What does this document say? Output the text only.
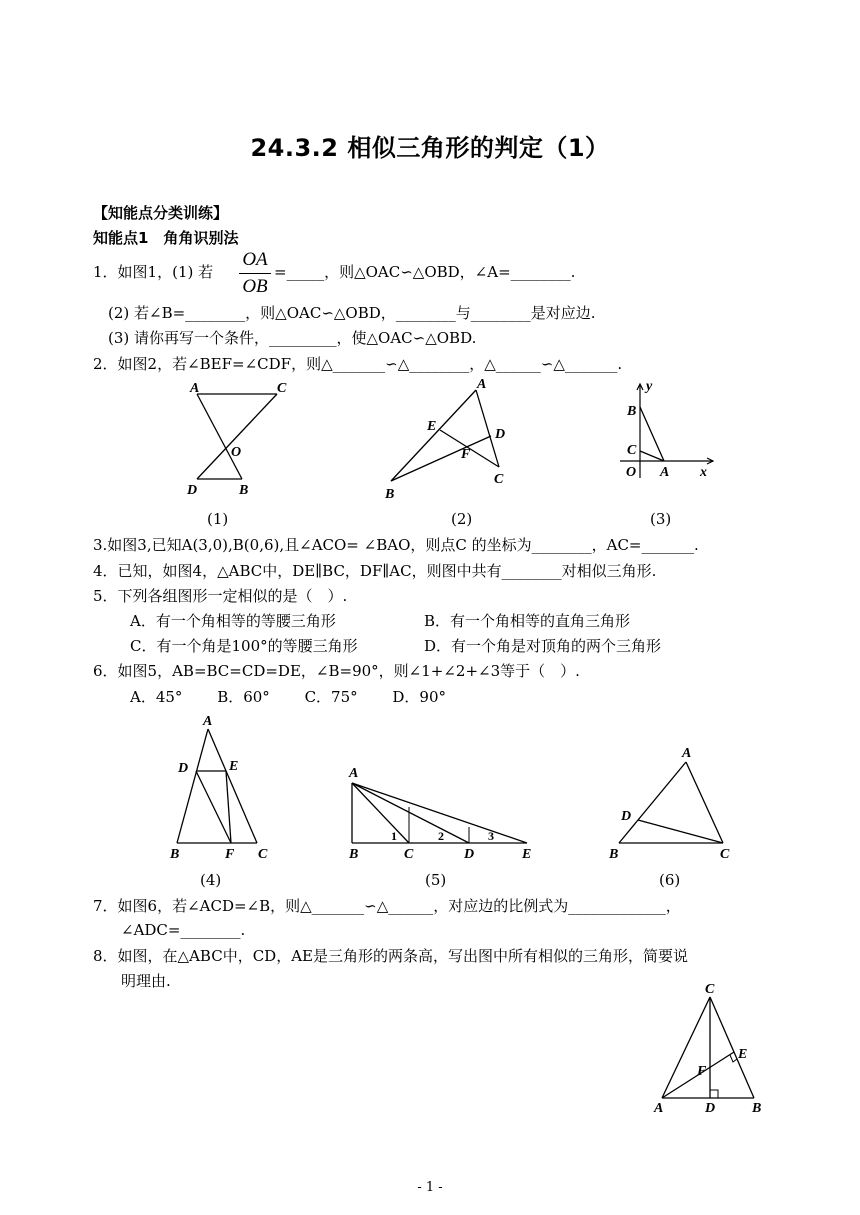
24.3.2 相似三角形的判定（1）
【知能点分类训练】
知能点1　角角识别法
1．如图1，(1) 若
OA
OB
=_____，则△OAC∽△OBD，∠A=________.
(2) 若∠B=________，则△OAC∽△OBD，________与________是对应边.
(3) 请你再写一个条件，_________，使△OAC∽△OBD.
2．如图2，若∠BEF=∠CDF，则△_______∽△________，△______∽△_______.
A	C
O
D	B
A
E
D
F
B
C
y
B
C
O A x
(1)	(2)	(3)
3.如图3,已知A(3,0),B(0,6),且∠ACO= ∠BAO，则点C 的坐标为________，AC=_______.
4．已知，如图4，△ABC中，DE∥BC，DF∥AC，则图中共有________对相似三角形.
5．下列各组图形一定相似的是（　）.
A．有一个角相等的等腰三角形	B．有一个角相等的直角三角形
C．有一个角是100°的等腰三角形	D．有一个角是对顶角的两个三角形
6．如图5，AB=BC=CD=DE，∠B=90°，则∠1+∠2+∠3等于（　）.
A．45°　　 B．60°　　 C．75°　　 D．90°
A
D	E
B	F C
A
B	C	D	E
1	2	3
A
D
B	C
(4)	(5)	(6)
7．如图6，若∠ACD=∠B，则△_______∽△______，对应边的比例式为_____________，
∠ADC=________.
8．如图，在△ABC中，CD，AE是三角形的两条高，写出图中所有相似的三角形，简要说
明理由.	C
E
F
A	D	B
- 1 -
